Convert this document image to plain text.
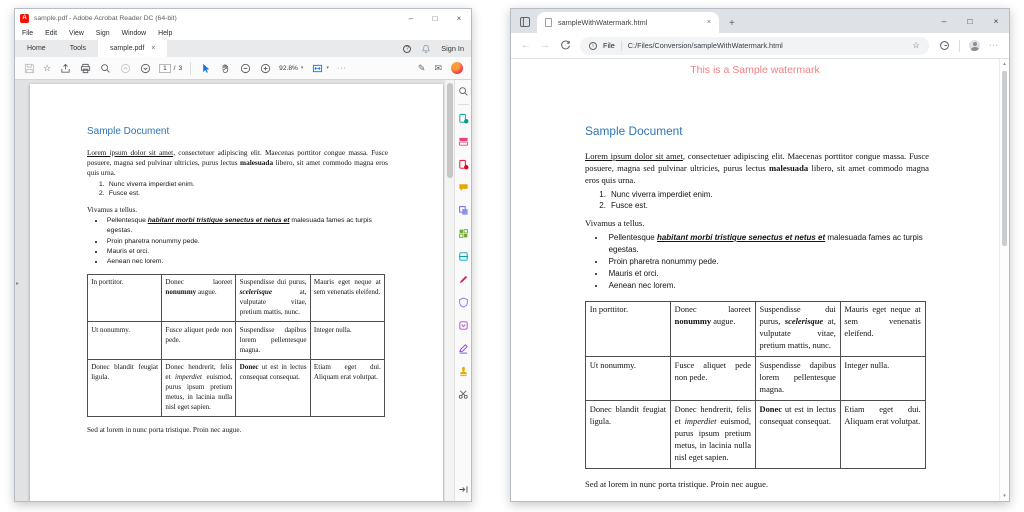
A	sample.pdf - Adobe Acrobat Reader DC (64-bit)	–	□	×
File Edit View Sign Window Help
Home	Tools	sample.pdf ×	?	Sign In
☆	1	/ 3	92.8% ▾	▾ ···	✎ ✉
Sample Document

Lorem ipsum dolor sit amet, consectetuer adipiscing elit. Maecenas porttitor congue massa. Fusce posuere, magna sed pulvinar ultricies, purus lectus malesuada libero, sit amet commodo magna eros quis urna.

1. Nunc viverra imperdiet enim.
2. Fusce est.

Vivamus a tellus.

• Pellentesque habitant morbi tristique senectus et netus et malesuada fames ac turpis egestas.
• Proin pharetra nonummy pede.
• Mauris et orci.
• Aenean nec lorem.
In porttitor.	Donec laoreet nonummy augue.	Suspendisse dui purus, scelerisque at, vulputate vitae, pretium mattis, nunc.	Mauris eget neque at sem venenatis eleifend.
Ut nonummy.	Fusce aliquet pede non pede.	Suspendisse dapibus lorem pellentesque magna.	Integer nulla.
Donec blandit feugiat ligula.	Donec hendrerit, felis et imperdiet euismod, purus ipsum pretium metus, in lacinia nulla nisl eget sapien.	Donec ut est in lectus consequat consequat.	Etiam eget dui. Aliquam erat volutpat.

Sed at lorem in nunc porta tristique. Proin nec augue.

▸
sampleWithWatermark.html	× +	–	□	×
← →	i	File C:/Files/Conversion/sampleWithWatermark.html	☆	···
This is a Sample watermark
Sample Document

Lorem ipsum dolor sit amet, consectetuer adipiscing elit. Maecenas porttitor congue massa. Fusce posuere, magna sed pulvinar ultricies, purus lectus malesuada libero, sit amet commodo magna eros quis urna.

1. Nunc viverra imperdiet enim.
2. Fusce est.

Vivamus a tellus.

• Pellentesque habitant morbi tristique senectus et netus et malesuada fames ac turpis egestas.
• Proin pharetra nonummy pede.
• Mauris et orci.
• Aenean nec lorem.
In porttitor.	Donec laoreet nonummy augue.	Suspendisse dui purus, scelerisque at, vulputate vitae, pretium mattis, nunc.	Mauris eget neque at sem venenatis eleifend.
Ut nonummy.	Fusce aliquet pede non pede.	Suspendisse dapibus lorem pellentesque magna.	Integer nulla.
Donec blandit feugiat ligula.	Donec hendrerit, felis et imperdiet euismod, purus ipsum pretium metus, in lacinia nulla nisl eget sapien.	Donec ut est in lectus consequat consequat.	Etiam eget dui. Aliquam erat volutpat.

Sed at lorem in nunc porta tristique. Proin nec augue.

▴
▾
